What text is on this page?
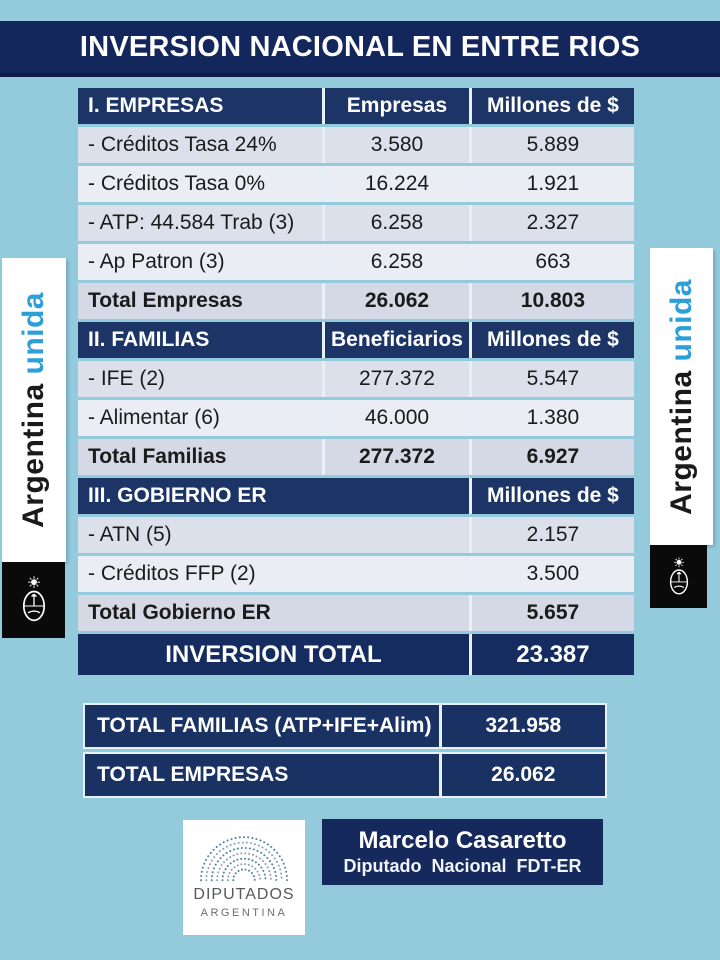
INVERSION NACIONAL EN ENTRE RIOS
Argentina unida
Argentina unida
I. EMPRESAS	Empresas	Millones de $
- Créditos Tasa 24%	3.580	5.889
- Créditos Tasa 0%	16.224	1.921
- ATP: 44.584 Trab (3)	6.258	2.327
- Ap Patron (3)	6.258	663
Total Empresas	26.062	10.803
II. FAMILIAS	Beneficiarios	Millones de $
- IFE (2)	277.372	5.547
- Alimentar (6)	46.000	1.380
Total Familias	277.372	6.927
III. GOBIERNO ER	Millones de $
- ATN (5)	2.157
- Créditos FFP (2)	3.500
Total Gobierno ER	5.657
INVERSION TOTAL	23.387
TOTAL FAMILIAS (ATP+IFE+Alim)	321.958
TOTAL EMPRESAS	26.062
DIPUTADOS
ARGENTINA
Marcelo Casaretto
Diputado Nacional FDT-ER
